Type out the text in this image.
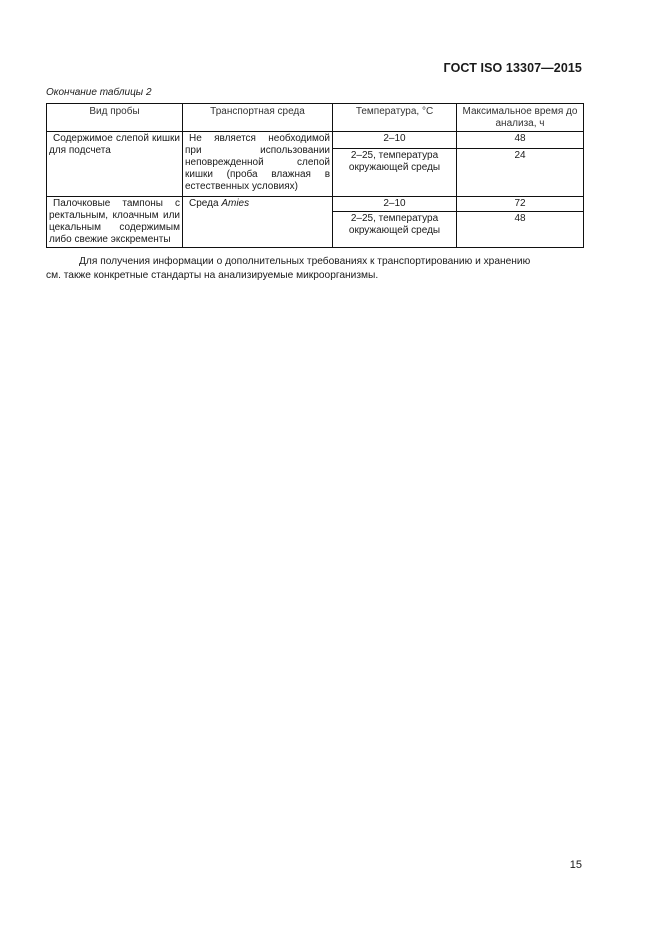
ГОСТ ISO 13307—2015
Окончание таблицы 2
Вид пробы	Транспортная среда	Температура, °С	Максимальное время до анализа, ч
Содержимое слепой кишки для подсчета	Не является необходимой при использовании неповрежденной слепой кишки (проба влажная в естественных условиях)	2–10	48
		2–25, температура окружающей среды	24
Палочковые тампоны с ректальным, клоачным или цекальным содержимым либо свежие экскременты	Среда Amies	2–10	72
		2–25, температура окружающей среды	48
Для получения информации о дополнительных требованиях к транспортированию и хранению
см. также конкретные стандарты на анализируемые микроорганизмы.
15
